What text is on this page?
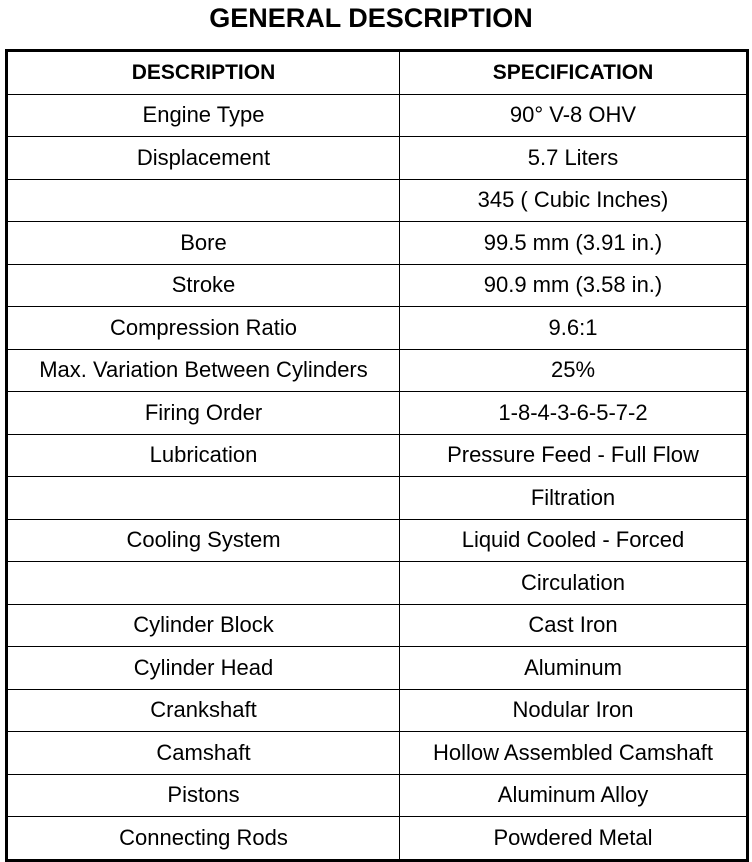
GENERAL DESCRIPTION
DESCRIPTION	SPECIFICATION
Engine Type	90° V-8 OHV
Displacement	5.7 Liters
	345 ( Cubic Inches)
Bore	99.5 mm (3.91 in.)
Stroke	90.9 mm (3.58 in.)
Compression Ratio	9.6:1
Max. Variation Between Cylinders	25%
Firing Order	1-8-4-3-6-5-7-2
Lubrication	Pressure Feed - Full Flow
	Filtration
Cooling System	Liquid Cooled - Forced
	Circulation
Cylinder Block	Cast Iron
Cylinder Head	Aluminum
Crankshaft	Nodular Iron
Camshaft	Hollow Assembled Camshaft
Pistons	Aluminum Alloy
Connecting Rods	Powdered Metal
